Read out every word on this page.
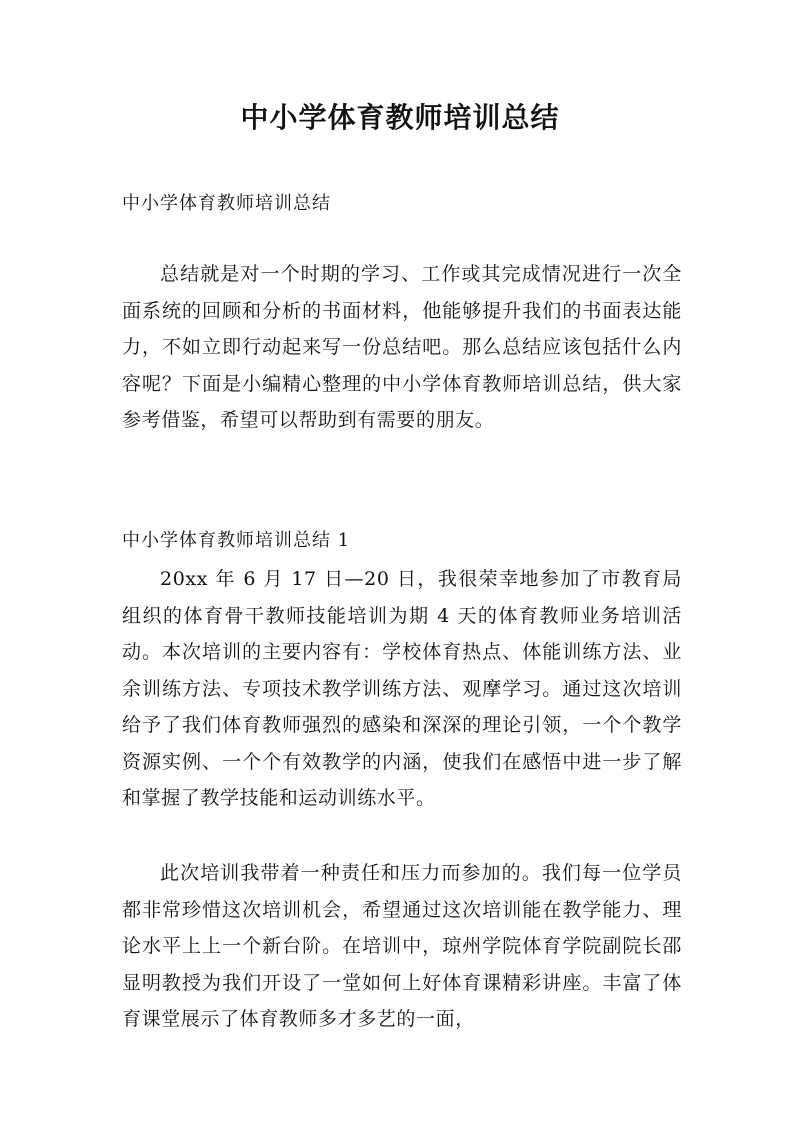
中小学体育教师培训总结
中小学体育教师培训总结

总结就是对一个时期的学习、工作或其完成情况进行一次全面系统的回顾和分析的书面材料，他能够提升我们的书面表达能力，不如立即行动起来写一份总结吧。那么总结应该包括什么内容呢？下面是小编精心整理的中小学体育教师培训总结，供大家参考借鉴，希望可以帮助到有需要的朋友。

中小学体育教师培训总结 1

20xx 年 6 月 17 日—20 日，我很荣幸地参加了市教育局组织的体育骨干教师技能培训为期 4 天的体育教师业务培训活动。本次培训的主要内容有：学校体育热点、体能训练方法、业余训练方法、专项技术教学训练方法、观摩学习。通过这次培训给予了我们体育教师强烈的感染和深深的理论引领，一个个教学资源实例、一个个有效教学的内涵，使我们在感悟中进一步了解和掌握了教学技能和运动训练水平。

此次培训我带着一种责任和压力而参加的。我们每一位学员都非常珍惜这次培训机会，希望通过这次培训能在教学能力、理论水平上上一个新台阶。在培训中，琼州学院体育学院副院长邵显明教授为我们开设了一堂如何上好体育课精彩讲座。丰富了体育课堂展示了体育教师多才多艺的一面，
